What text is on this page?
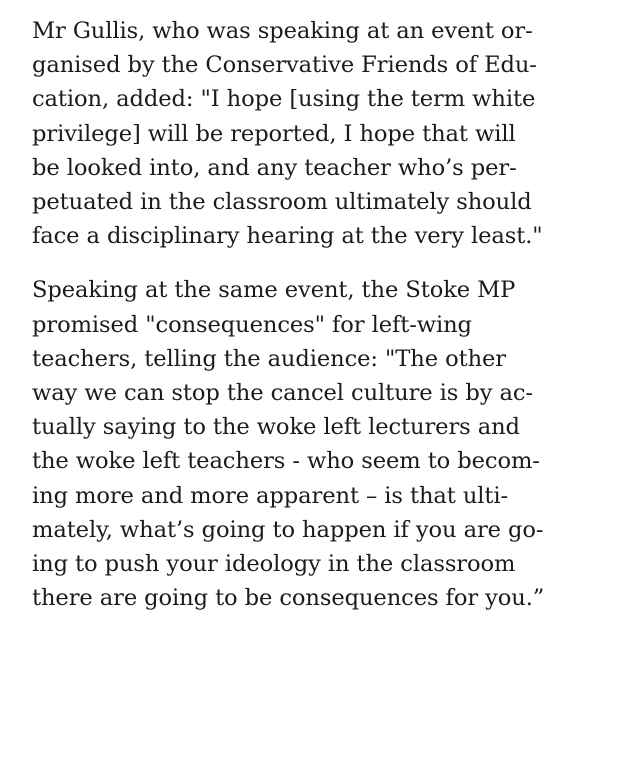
Mr Gullis, who was speaking at an event or-
ganised by the Conservative Friends of Edu-
cation, added: "I hope [using the term white
privilege] will be reported, I hope that will
be looked into, and any teacher who’s per-
petuated in the classroom ultimately should
face a disciplinary hearing at the very least."

Speaking at the same event, the Stoke MP
promised "consequences" for left-wing
teachers, telling the audience: "The other
way we can stop the cancel culture is by ac-
tually saying to the woke left lecturers and
the woke left teachers - who seem to becom-
ing more and more apparent – is that ulti-
mately, what’s going to happen if you are go-
ing to push your ideology in the classroom
there are going to be consequences for you.”
